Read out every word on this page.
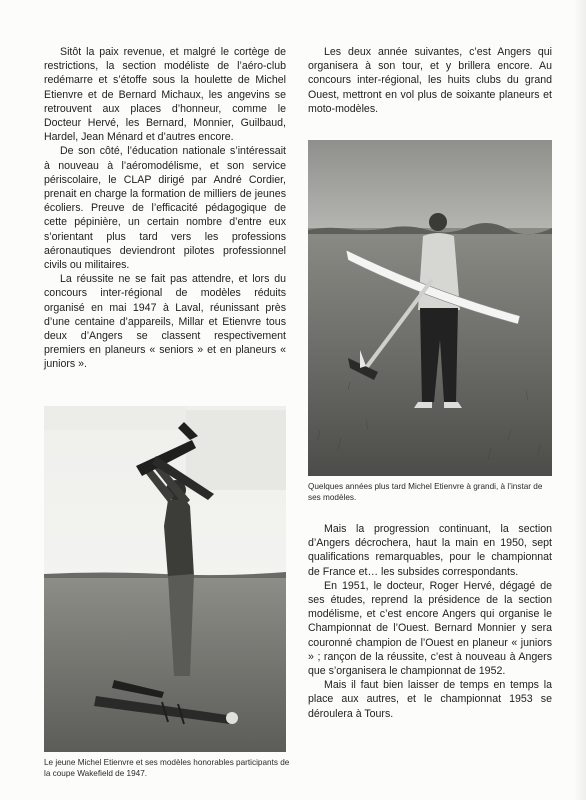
Sitôt la paix revenue, et malgré le cortège de restrictions, la section modéliste de l’aéro-club redémarre et s’étoffe sous la houlette de Michel Etienvre et de Bernard Michaux, les angevins se retrouvent aux places d’honneur, comme le Docteur Hervé, les Bernard, Monnier, Guilbaud, Hardel, Jean Ménard et d’autres encore.

De son côté, l’éducation nationale s’intéressait à nouveau à l’aéromodélisme, et son service périscolaire, le CLAP dirigé par André Cordier, prenait en charge la formation de milliers de jeunes écoliers. Preuve de l’efficacité pédagogique de cette pépinière, un certain nombre d’entre eux s’orientant plus tard vers les professions aéronautiques deviendront pilotes professionnel civils ou militaires.

La réussite ne se fait pas attendre, et lors du concours inter-régional de modèles réduits organisé en mai 1947 à Laval, réunissant près d’une centaine d’appareils, Millar et Etienvre tous deux d’Angers se classent respectivement premiers en planeurs « seniors » et en planeurs « juniors ».

Les deux année suivantes, c’est Angers qui organisera à son tour, et y brillera encore. Au concours inter-régional, les huits clubs du grand Ouest, mettront en vol plus de soixante planeurs et moto-modèles.

Quelques années plus tard Michel Etienvre à grandi, à l’instar de ses modèles.

Mais la progression continuant, la section d’Angers décrochera, haut la main en 1950, sept qualifications remarquables, pour le championnat de France et… les subsides correspondants.

En 1951, le docteur, Roger Hervé, dégagé de ses études, reprend la présidence de la section modélisme, et c’est encore Angers qui organise le Championnat de l’Ouest. Bernard Monnier y sera couronné champion de l’Ouest en planeur « juniors » ; rançon de la réussite, c’est à nouveau à Angers que s’organisera le championnat de 1952.

Mais il faut bien laisser de temps en temps la place aux autres, et le championnat 1953 se déroulera à Tours.

Le jeune Michel Etienvre et ses modèles honorables participants de la coupe Wakefield de 1947.
